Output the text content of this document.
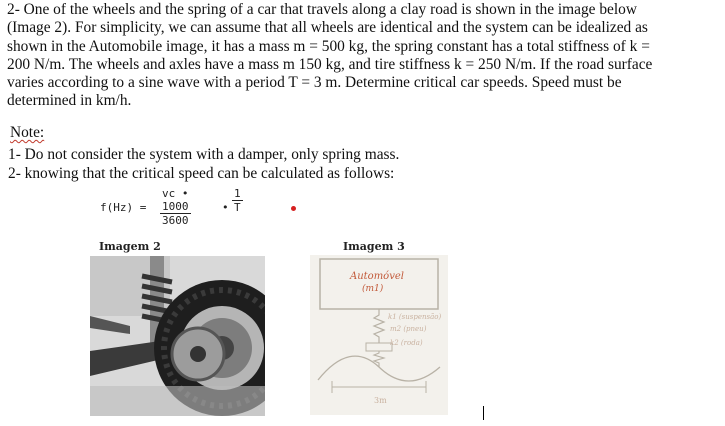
2- One of the wheels and the spring of a car that travels along a clay road is shown in the image below
(Image 2). For simplicity, we can assume that all wheels are identical and the system can be idealized as
shown in the Automobile image, it has a mass m = 500 kg, the spring constant has a total stiffness of k =
200 N/m. The wheels and axles have a mass m 150 kg, and tire stiffness k = 250 N/m. If the road surface
varies according to a sine wave with a period T = 3 m. Determine critical car speeds. Speed must be
determined in km/h.
Note:
1- Do not consider the system with a damper, only spring mass.
2- knowing that the critical speed can be calculated as follows:
$f(Hz) = \frac{vc • 1000}{3600}$	• $\frac{1}{T}$
Imagem 2	Imagem 3
Automóvel
(m1)
k1 (suspensão)
m2 (pneu)
k2 (roda)
3m
